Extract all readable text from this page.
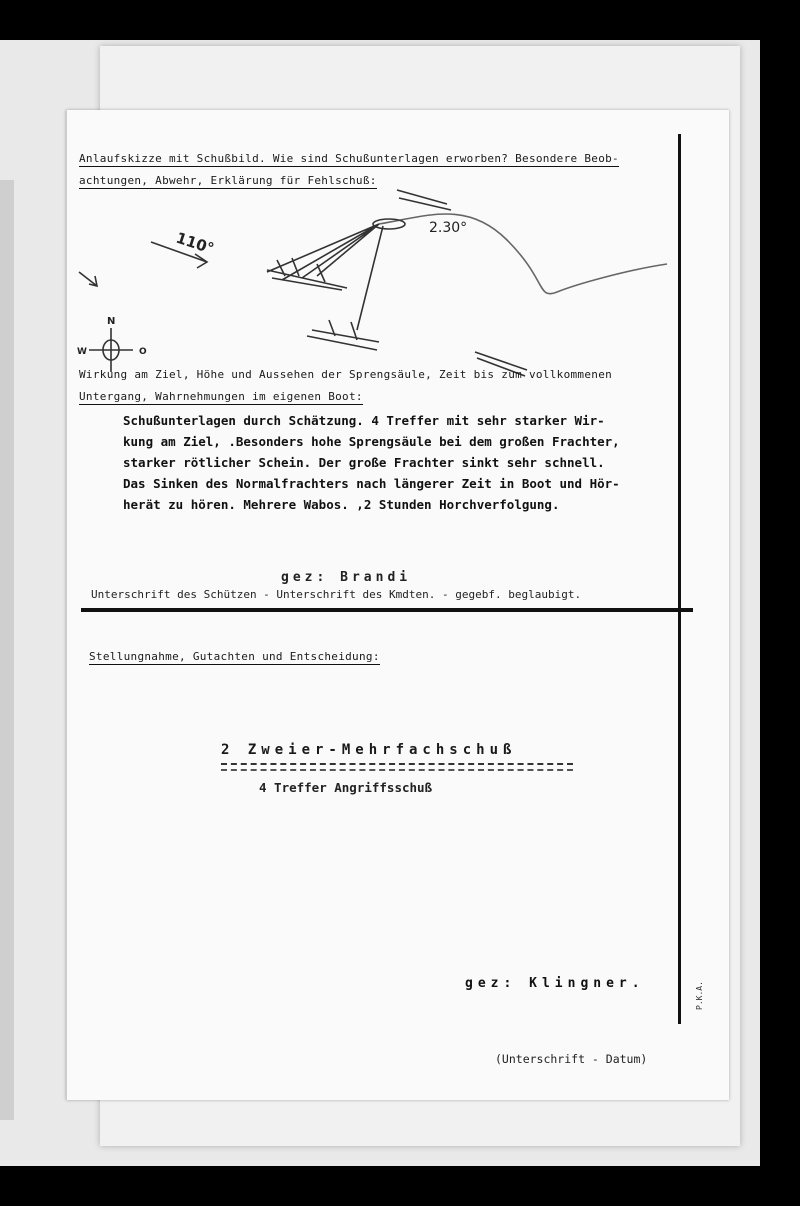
Anlaufskizze mit Schußbild. Wie sind Schußunterlagen erworben? Besondere Beob-
achtungen, Abwehr, Erklärung für Fehlschuß:
110°
2.30°
N
W	O
Wirkung am Ziel, Höhe und Aussehen der Sprengsäule, Zeit bis zum vollkommenen
Untergang, Wahrnehmungen im eigenen Boot:
Schußunterlagen durch Schätzung. 4 Treffer mit sehr starker Wir-
kung am Ziel, .Besonders hohe Sprengsäule bei dem großen Frachter,
starker rötlicher Schein. Der große Frachter sinkt sehr schnell.
Das Sinken des Normalfrachters nach längerer Zeit in Boot und Hör-
herät zu hören. Mehrere Wabos. ,2 Stunden Horchverfolgung.
gez: Brandi
Unterschrift des Schützen - Unterschrift des Kmdten. - gegebf. beglaubigt.
Stellungnahme, Gutachten und Entscheidung:
2 Zweier-Mehrfachschuß
4 Treffer Angriffsschuß
gez: Klingner.
(Unterschrift - Datum)
P.K.A.
